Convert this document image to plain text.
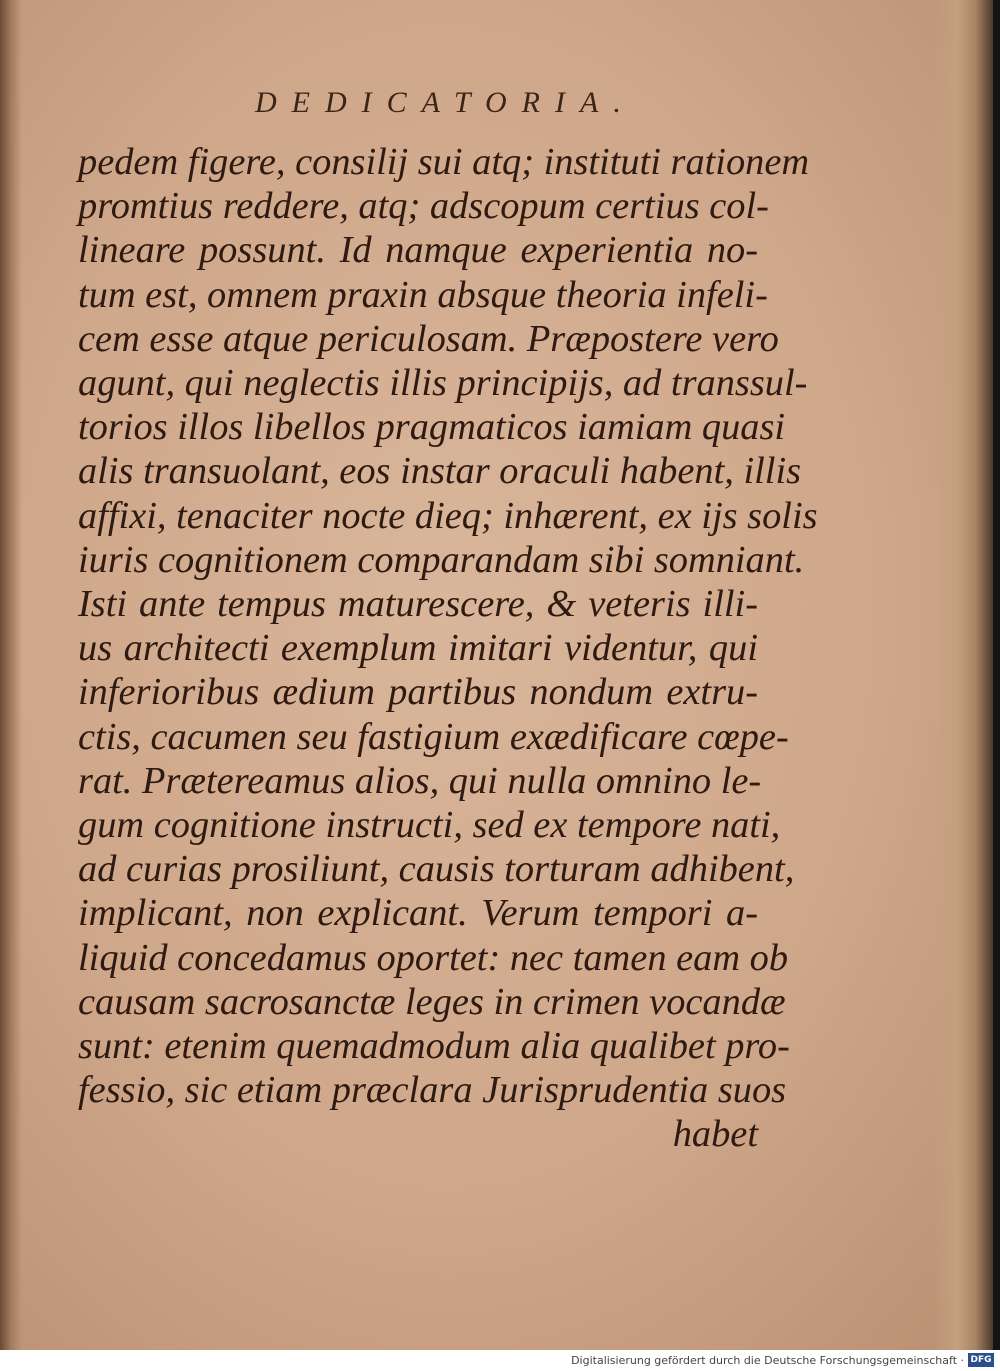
DEDICATORIA.
pedem figere, consilij sui atq; instituti rationem
promtius reddere, atq; adscopum certius col-
lineare possunt. Id namque experientia no-
tum est, omnem praxin absque theoria infeli-
cem esse atque periculosam. Præpostere vero
agunt, qui neglectis illis principijs, ad transsul-
torios illos libellos pragmaticos iamiam quasi
alis transuolant, eos instar oraculi habent, illis
affixi, tenaciter nocte dieq; inhærent, ex ijs solis
iuris cognitionem comparandam sibi somniant.
Isti ante tempus maturescere, & veteris illi-
us architecti exemplum imitari videntur, qui
inferioribus ædium partibus nondum extru-
ctis, cacumen seu fastigium exædificare cœpe-
rat. Prætereamus alios, qui nulla omnino le-
gum cognitione instructi, sed ex tempore nati,
ad curias prosiliunt, causis torturam adhibent,
implicant, non explicant. Verum tempori a-
liquid concedamus oportet: nec tamen eam ob
causam sacrosanctæ leges in crimen vocandæ
sunt: etenim quemadmodum alia qualibet pro-
fessio, sic etiam præclara Jurisprudentia suos
habet
Digitalisierung gefördert durch die Deutsche Forschungsgemeinschaft · DFG
